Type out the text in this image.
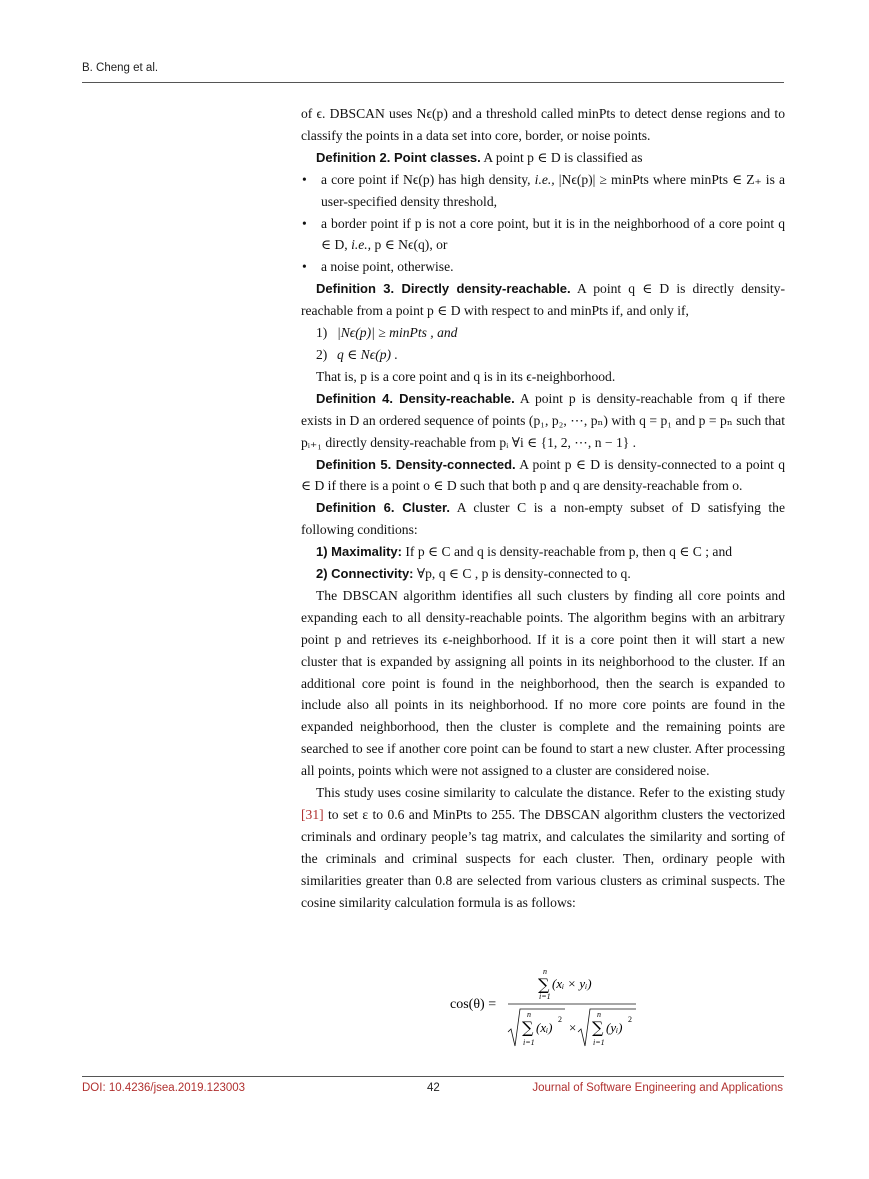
B. Cheng et al.

of ϵ. DBSCAN uses Nϵ(p) and a threshold called minPts to detect dense regions and to classify the points in a data set into core, border, or noise points.

Definition 2. Point classes. A point p ∈ D is classified as

• a core point if Nϵ(p) has high density, i.e., |Nϵ(p)| ≥ minPts where minPts ∈ Z₊ is a user-specified density threshold,

• a border point if p is not a core point, but it is in the neighborhood of a core point q ∈ D, i.e., p ∈ Nϵ(q), or

• a noise point, otherwise.

Definition 3. Directly density-reachable. A point q ∈ D is directly density-reachable from a point p ∈ D with respect to and minPts if, and only if,

1) |Nϵ(p)| ≥ minPts , and

2) q ∈ Nϵ(p) .

That is, p is a core point and q is in its ϵ-neighborhood.

Definition 4. Density-reachable. A point p is density-reachable from q if there exists in D an ordered sequence of points (p₁, p₂, ⋯, pₙ) with q = p₁ and p = pₙ such that pᵢ₊₁ directly density-reachable from pᵢ ∀i ∈ {1, 2, ⋯, n − 1} .

Definition 5. Density-connected. A point p ∈ D is density-connected to a point q ∈ D if there is a point o ∈ D such that both p and q are density-reachable from o.

Definition 6. Cluster. A cluster C is a non-empty subset of D satisfying the following conditions:

1) Maximality: If p ∈ C and q is density-reachable from p, then q ∈ C ; and

2) Connectivity: ∀p, q ∈ C , p is density-connected to q.

The DBSCAN algorithm identifies all such clusters by finding all core points and expanding each to all density-reachable points. The algorithm begins with an arbitrary point p and retrieves its ϵ-neighborhood. If it is a core point then it will start a new cluster that is expanded by assigning all points in its neighborhood to the cluster. If an additional core point is found in the neighborhood, then the search is expanded to include also all points in its neighborhood. If no more core points are found in the expanded neighborhood, then the cluster is complete and the remaining points are searched to see if another core point can be found to start a new cluster. After processing all points, points which were not assigned to a cluster are considered noise.

This study uses cosine similarity to calculate the distance. Refer to the existing study [31] to set ε to 0.6 and MinPts to 255. The DBSCAN algorithm clusters the vectorized criminals and ordinary people’s tag matrix, and calculates the similarity and sorting of the criminals and criminal suspects for each cluster. Then, ordinary people with similarities greater than 0.8 are selected from various clusters as criminal suspects. The cosine similarity calculation formula is as follows:

cos(θ) =
n
∑
i=1
(xᵢ × yᵢ)
n
∑
i=1
(xᵢ)
2
×
n
∑
i=1
(yᵢ)
2
DOI: 10.4236/jsea.2019.123003	42	Journal of Software Engineering and Applications
